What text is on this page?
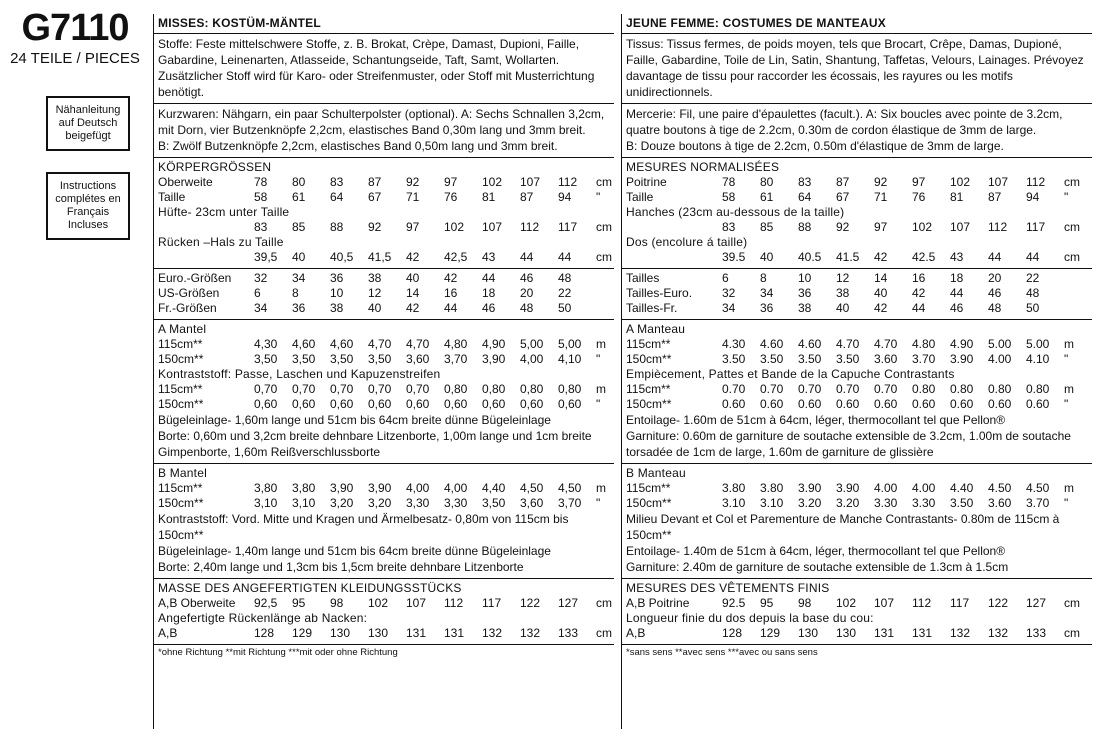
G7110
24 TEILE / PIECES
Nähanleitung auf Deutsch beigefügt
Instructions complétes en Français Incluses
MISSES: KOSTÜM-MÄNTEL
Stoffe: Feste mittelschwere Stoffe, z. B. Brokat, Crèpe, Damast, Dupioni, Faille, Gabardine, Leinenarten, Atlasseide, Schantungseide, Taft, Samt, Wollarten. Zusätzlicher Stoff wird für Karo- oder Streifenmuster, oder Stoff mit Musterrichtung benötigt.
Kurzwaren: Nähgarn, ein paar Schulterpolster (optional). A: Sechs Schnallen 3,2cm, mit Dorn, vier Butzenknöpfe 2,2cm, elastisches Band 0,30m lang und 3mm breit.
B: Zwölf Butzenknöpfe 2,2cm, elastisches Band 0,50m lang und 3mm breit.
KÖRPERGRÖSSEN
Oberweite	78	80	83	87	92	97	102	107	112	cm
Taille	58	61	64	67	71	76	81	87	94	"
Hüfte- 23cm unter Taille
83	85	88	92	97	102	107	112	117	cm
Rücken –Hals zu Taille
39,5	40	40,5	41,5	42	42,5	43	44	44	cm
Euro.-Größen	32	34	36	38	40	42	44	46	48
US-Größen	6	8	10	12	14	16	18	20	22
Fr.-Größen	34	36	38	40	42	44	46	48	50
A Mantel
115cm**	4,30	4,60	4,60	4,70	4,70	4,80	4,90	5,00	5,00	m
150cm**	3,50	3,50	3,50	3,50	3,60	3,70	3,90	4,00	4,10	"
Kontraststoff: Passe, Laschen und Kapuzenstreifen
115cm**	0,70	0,70	0,70	0,70	0,70	0,80	0,80	0,80	0,80	m
150cm**	0,60	0,60	0,60	0,60	0,60	0,60	0,60	0,60	0,60	"
Bügeleinlage- 1,60m lange und 51cm bis 64cm breite dünne Bügeleinlage
Borte: 0,60m und 3,2cm breite dehnbare Litzenborte, 1,00m lange und 1cm breite Gimpenborte, 1,60m Reißverschlussborte
B Mantel
115cm**	3,80	3,80	3,90	3,90	4,00	4,00	4,40	4,50	4,50	m
150cm**	3,10	3,10	3,20	3,20	3,30	3,30	3,50	3,60	3,70	"
Kontraststoff: Vord. Mitte und Kragen und Ärmelbesatz- 0,80m von 115cm bis 150cm**
Bügeleinlage- 1,40m lange und 51cm bis 64cm breite dünne Bügeleinlage
Borte: 2,40m lange und 1,3cm bis 1,5cm breite dehnbare Litzenborte
MASSE DES ANGEFERTIGTEN KLEIDUNGSSTÜCKS
A,B Oberweite	92,5	95	98	102	107	112	117	122	127	cm
Angefertigte Rückenlänge ab Nacken:
A,B	128	129	130	130	131	131	132	132	133	cm
*ohne Richtung **mit Richtung ***mit oder ohne Richtung
JEUNE FEMME: COSTUMES DE MANTEAUX
Tissus: Tissus fermes, de poids moyen, tels que Brocart, Crêpe, Damas, Dupioné, Faille, Gabardine, Toile de Lin, Satin, Shantung, Taffetas, Velours, Lainages. Prévoyez davantage de tissu pour raccorder les écossais, les rayures ou les motifs unidirectionnels.
Mercerie: Fil, une paire d'épaulettes (facult.). A: Six boucles avec pointe de 3.2cm, quatre boutons à tige de 2.2cm, 0.30m de cordon élastique de 3mm de large.
B: Douze boutons à tige de 2.2cm, 0.50m d'élastique de 3mm de large.
MESURES NORMALISÉES
Poitrine	78	80	83	87	92	97	102	107	112	cm
Taille	58	61	64	67	71	76	81	87	94	"
Hanches (23cm au-dessous de la taille)
83	85	88	92	97	102	107	112	117	cm
Dos (encolure á taille)
39.5	40	40.5	41.5	42	42.5	43	44	44	cm
Tailles	6	8	10	12	14	16	18	20	22
Tailles-Euro.	32	34	36	38	40	42	44	46	48
Tailles-Fr.	34	36	38	40	42	44	46	48	50
A Manteau
115cm**	4.30	4.60	4.60	4.70	4.70	4.80	4.90	5.00	5.00	m
150cm**	3.50	3.50	3.50	3.50	3.60	3.70	3.90	4.00	4.10	"
Empiècement, Pattes et Bande de la Capuche Contrastants
115cm**	0.70	0.70	0.70	0.70	0.70	0.80	0.80	0.80	0.80	m
150cm**	0.60	0.60	0.60	0.60	0.60	0.60	0.60	0.60	0.60	"
Entoilage- 1.60m de 51cm à 64cm, léger, thermocollant tel que Pellon®
Garniture: 0.60m de garniture de soutache extensible de 3.2cm, 1.00m de soutache torsadée de 1cm de large, 1.60m de garniture de glissière
B Manteau
115cm**	3.80	3.80	3.90	3.90	4.00	4.00	4.40	4.50	4.50	m
150cm**	3.10	3.10	3.20	3.20	3.30	3.30	3.50	3.60	3.70	"
Milieu Devant et Col et Parementure de Manche Contrastants- 0.80m de 115cm à 150cm**
Entoilage- 1.40m de 51cm à 64cm, léger, thermocollant tel que Pellon®
Garniture: 2.40m de garniture de soutache extensible de 1.3cm à 1.5cm
MESURES DES VÊTEMENTS FINIS
A,B Poitrine	92.5	95	98	102	107	112	117	122	127	cm
Longueur finie du dos depuis la base du cou:
A,B	128	129	130	130	131	131	132	132	133	cm
*sans sens **avec sens ***avec ou sans sens
